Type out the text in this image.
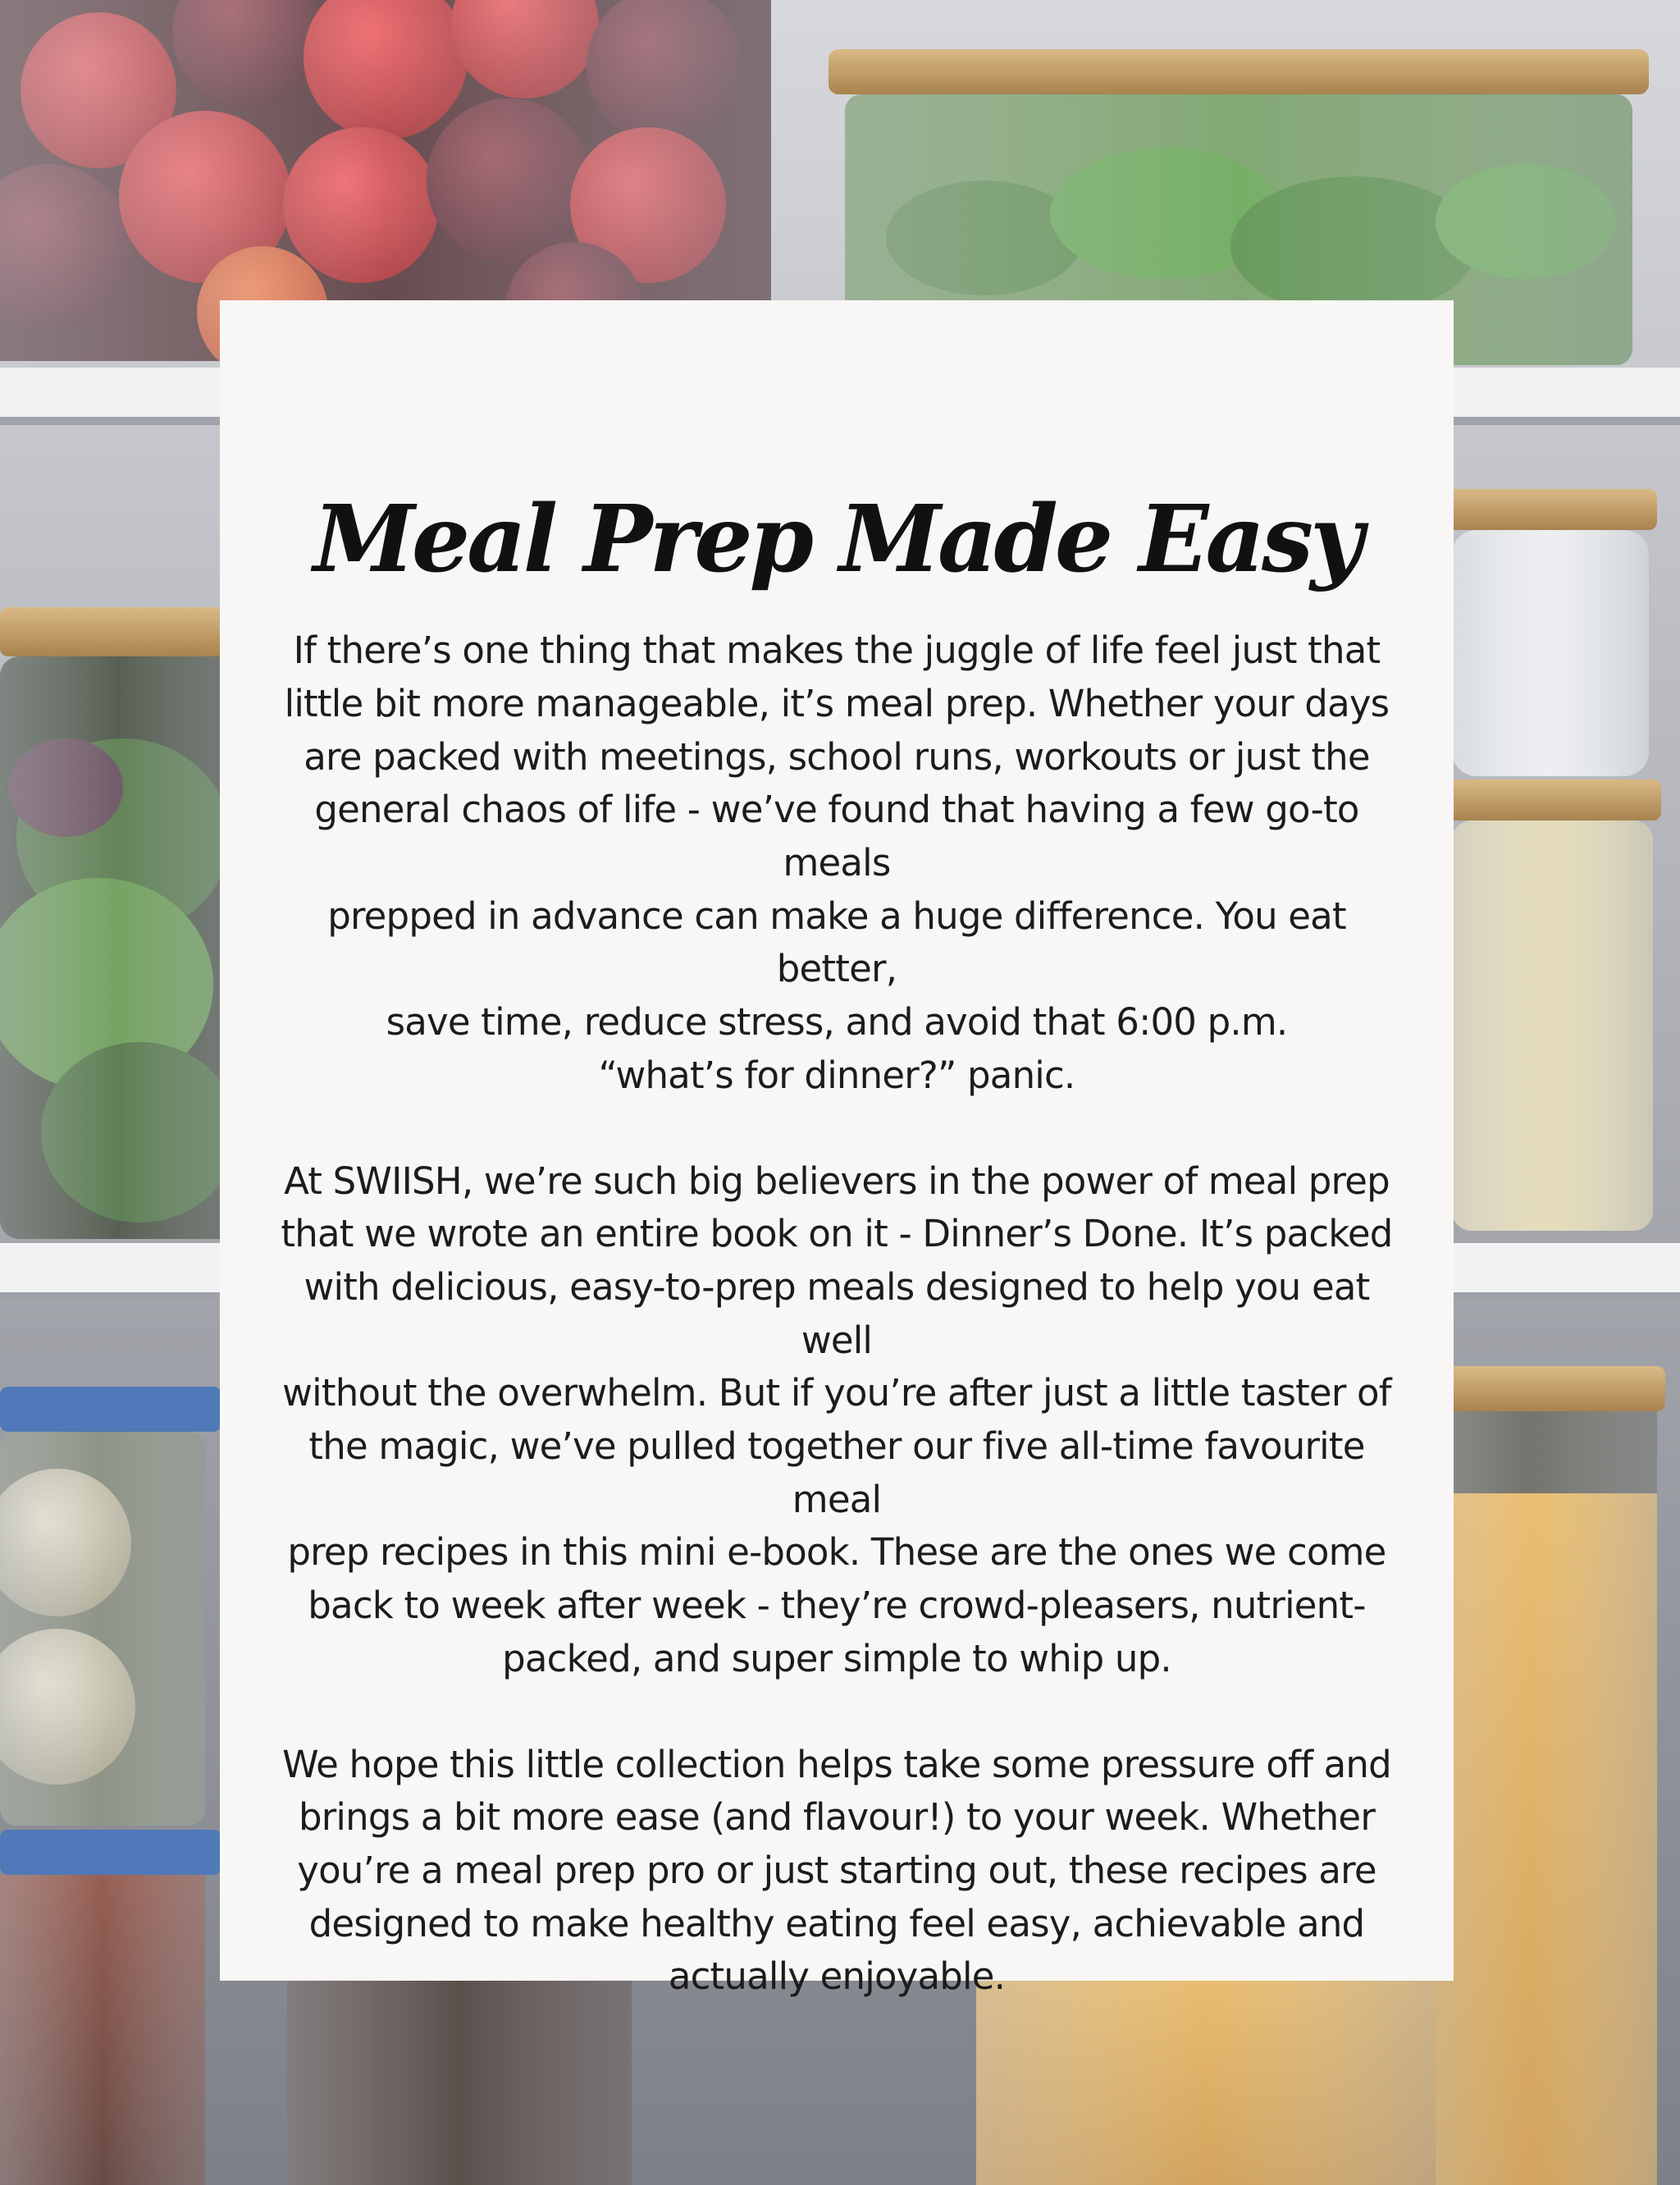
Meal Prep Made Easy

If there’s one thing that makes the juggle of life feel just that
little bit more manageable, it’s meal prep. Whether your days
are packed with meetings, school runs, workouts or just the
general chaos of life - we’ve found that having a few go-to meals
prepped in advance can make a huge difference. You eat better,
save time, reduce stress, and avoid that 6:00 p.m.
“what’s for dinner?” panic.

At SWIISH, we’re such big believers in the power of meal prep
that we wrote an entire book on it - Dinner’s Done. It’s packed
with delicious, easy-to-prep meals designed to help you eat well
without the overwhelm. But if you’re after just a little taster of
the magic, we’ve pulled together our five all-time favourite meal
prep recipes in this mini e-book. These are the ones we come
back to week after week - they’re crowd-pleasers, nutrient-
packed, and super simple to whip up.

We hope this little collection helps take some pressure off and
brings a bit more ease (and flavour!) to your week. Whether
you’re a meal prep pro or just starting out, these recipes are
designed to make healthy eating feel easy, achievable and
actually enjoyable.
